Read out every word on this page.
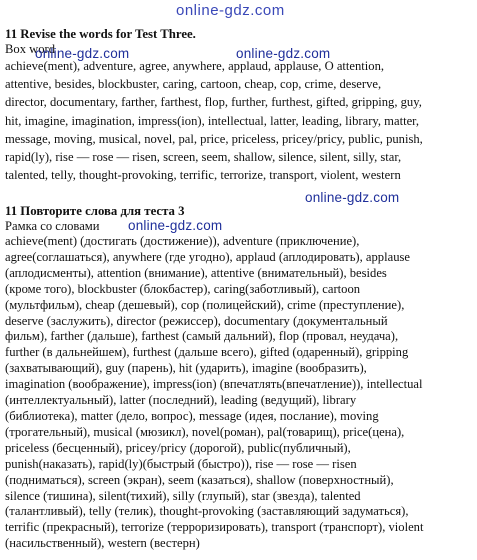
online-gdz.com
11 Revise the words for Test Three.
Box word
achieve(ment), adventure, agree, anywhere, applaud, applause, O attention,
attentive, besides, blockbuster, caring, cartoon, cheap, cop, crime, deserve,
director, documentary, farther, farthest, flop, further, furthest, gifted, gripping, guy,
hit, imagine, imagination, impress(ion), intellectual, latter, leading, library, matter,
message, moving, musical, novel, pal, price, priceless, pricey/pricy, public, punish,
rapid(ly), rise — rose — risen, screen, seem, shallow, silence, silent, silly, star,
talented, telly, thought-provoking, terrific, terrorize, transport, violent, western
11 Повторите слова для теста 3
Рамка со словами
achieve(ment) (достигать (достижение)), adventure (приключение),
agree(соглашаться), anywhere (где угодно), applaud (аплодировать), applause
(аплодисменты), attention (внимание), attentive (внимательный), besides
(кроме того), blockbuster (блокбастер), caring(заботливый), cartoon
(мультфильм), cheap (дешевый), cop (полицейский), crime (преступление),
deserve (заслужить), director (режиссер), documentary (документальный
фильм), farther (дальше), farthest (самый дальний), flop (провал, неудача),
further (в дальнейшем), furthest (дальше всего), gifted (одаренный), gripping
(захватывающий), guy (парень), hit (ударить), imagine (вообразить),
imagination (воображение), impress(ion) (впечатлять(впечатление)), intellectual
(интеллектуальный), latter (последний), leading (ведущий), library
(библиотека), matter (дело, вопрос), message (идея, послание), moving
(трогательный), musical (мюзикл), novel(роман), pal(товарищ), price(цена),
priceless (бесценный), pricey/pricy (дорогой), public(публичный),
punish(наказать), rapid(ly)(быстрый (быстро)), rise — rose — risen
(подниматься), screen (экран), seem (казаться), shallow (поверхностный),
silence (тишина), silent(тихий), silly (глупый), star (звезда), talented
(талантливый), telly (телик), thought-provoking (заставляющий задуматься),
terrific (прекрасный), terrorize (терроризировать), transport (транспорт), violent
(насильственный), western (вестерн)
online-gdz.com	online-gdz.com
online-gdz.com
online-gdz.com
